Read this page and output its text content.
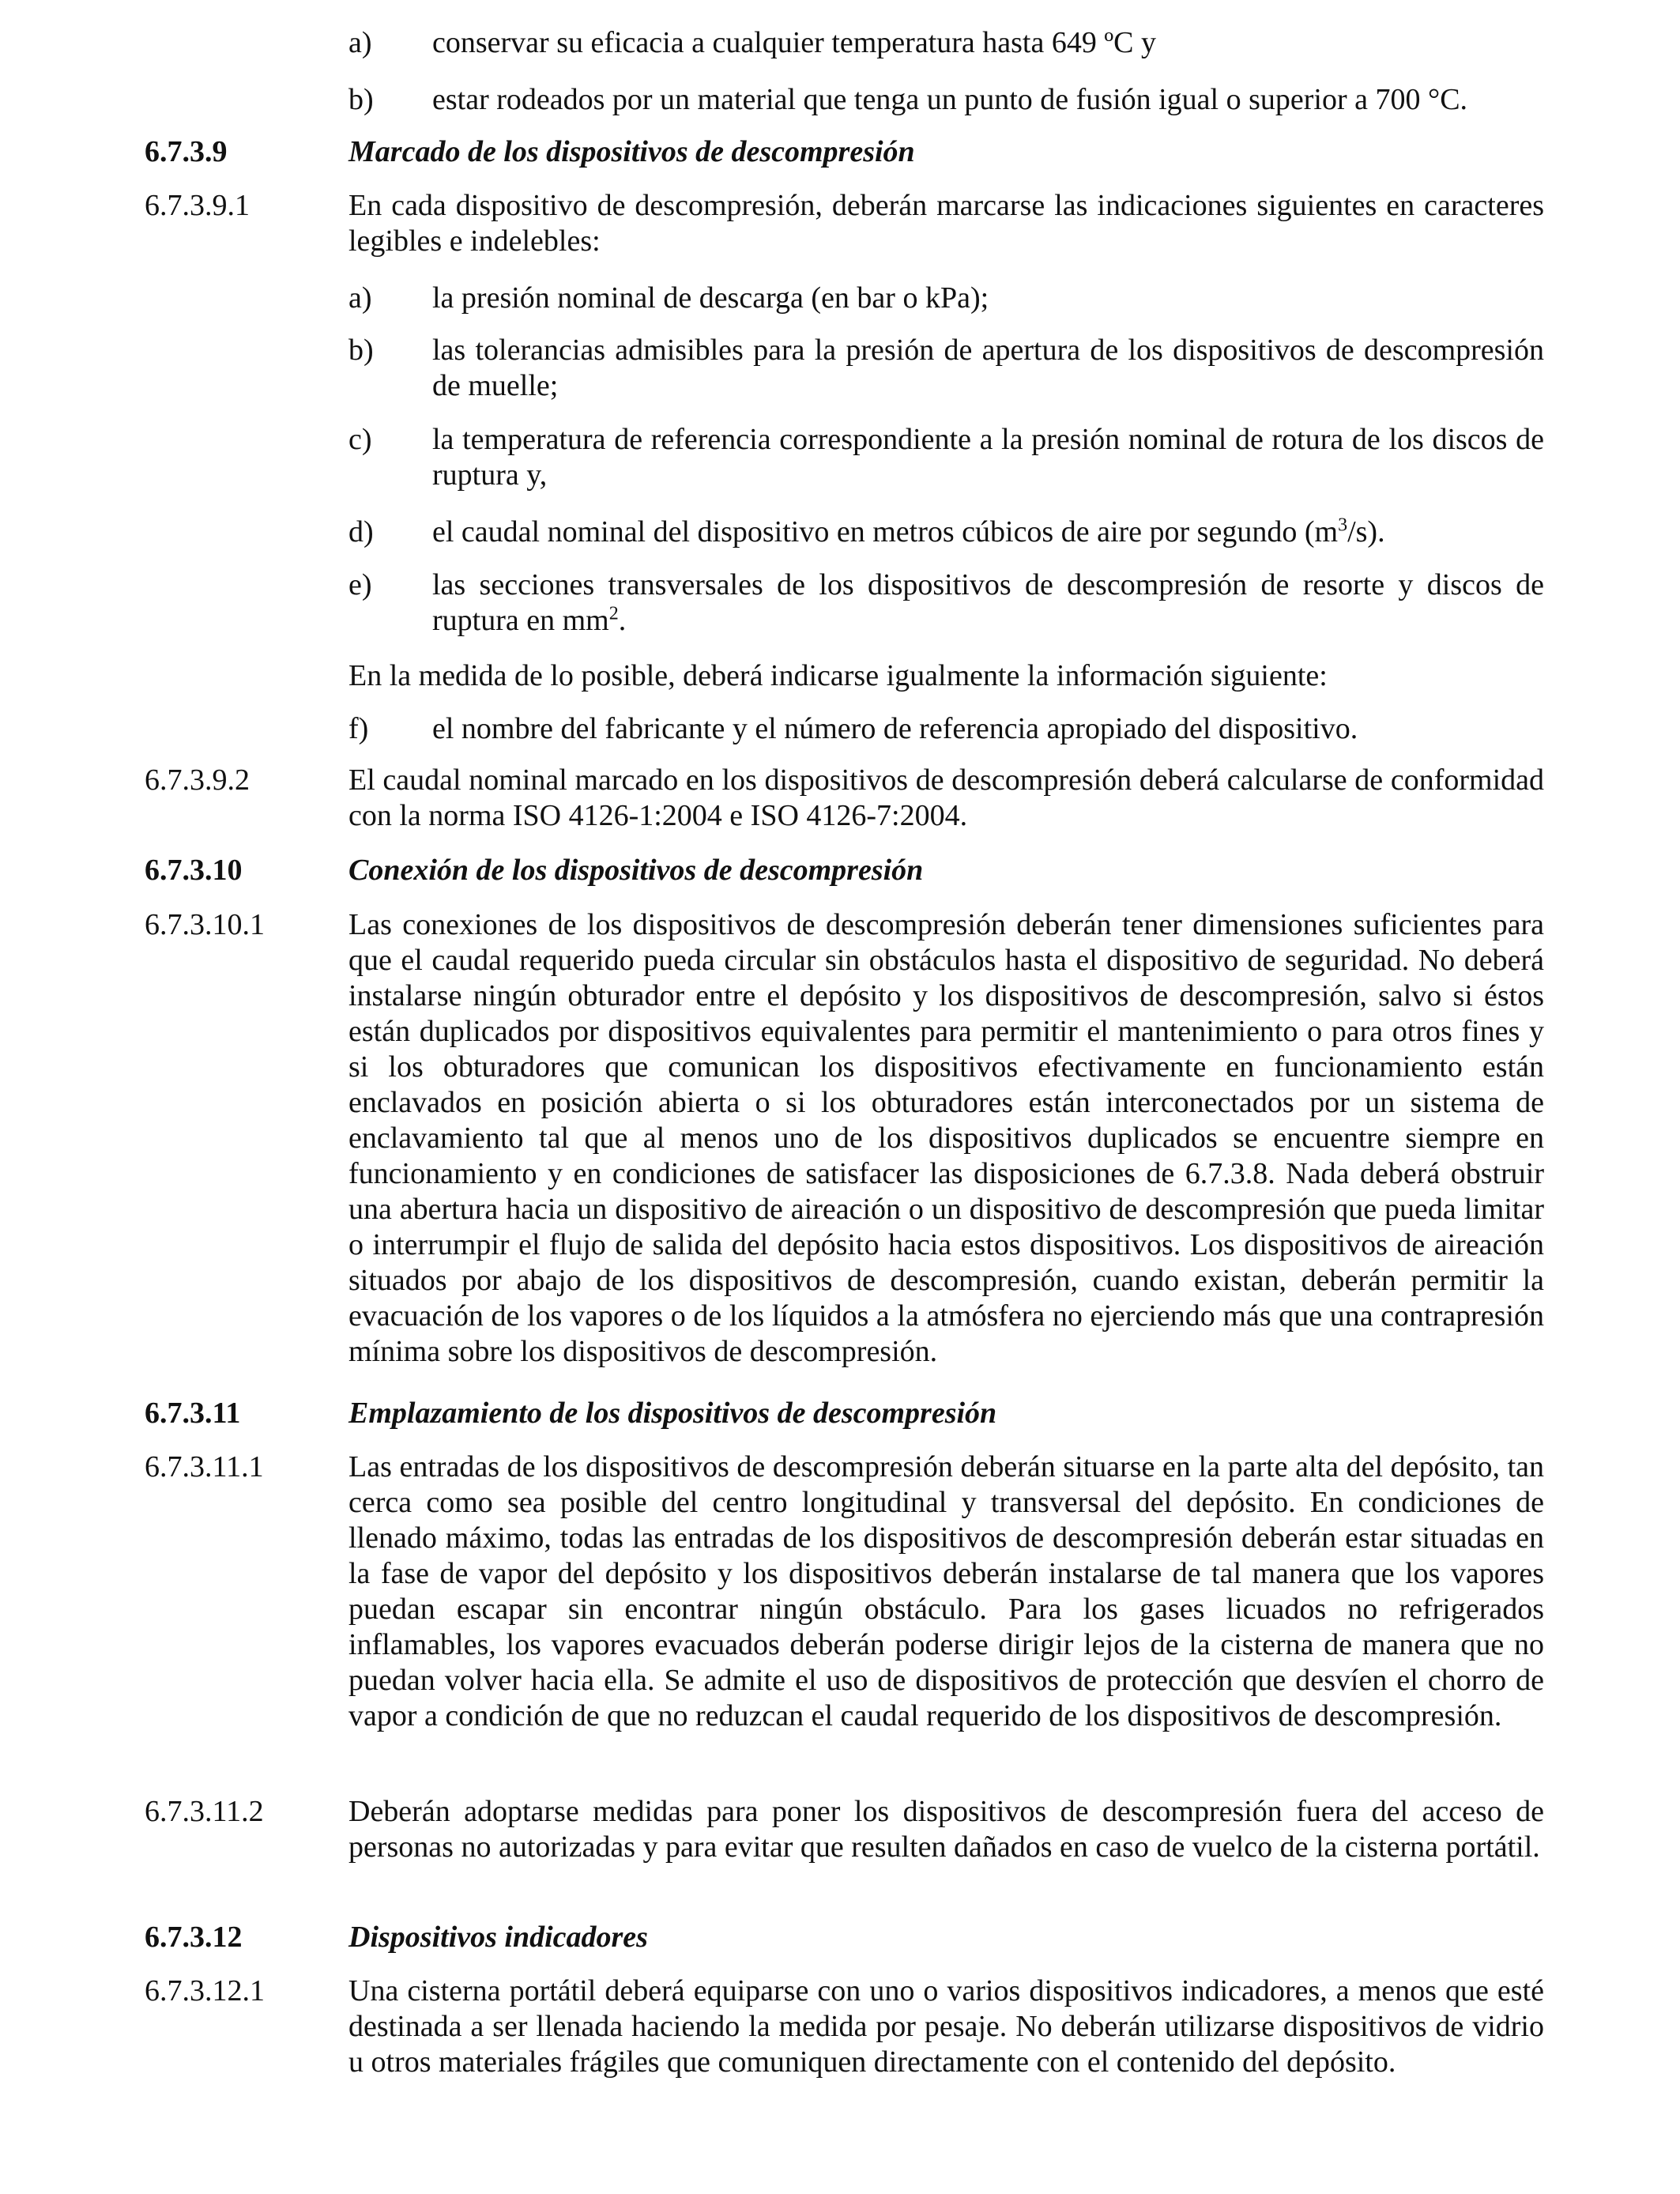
a) conservar su eficacia a cualquier temperatura hasta 649 ºC y
b) estar rodeados por un material que tenga un punto de fusión igual o superior a 700 °C.
6.7.3.9	Marcado de los dispositivos de descompresión
6.7.3.9.1	En cada dispositivo de descompresión, deberán marcarse las indicaciones siguientes en caracteres legibles e indelebles:
a) la presión nominal de descarga (en bar o kPa);
b) las tolerancias admisibles para la presión de apertura de los dispositivos de descompresión de muelle;
c) la temperatura de referencia correspondiente a la presión nominal de rotura de los discos de ruptura y,
d) el caudal nominal del dispositivo en metros cúbicos de aire por segundo $(m^3/s)$.
e) las secciones transversales de los dispositivos de descompresión de resorte y discos de ruptura en $mm^2$.
En la medida de lo posible, deberá indicarse igualmente la información siguiente:
f) el nombre del fabricante y el número de referencia apropiado del dispositivo.
6.7.3.9.2	El caudal nominal marcado en los dispositivos de descompresión deberá calcularse de conformidad con la norma ISO 4126-1:2004 e ISO 4126-7:2004.
6.7.3.10	Conexión de los dispositivos de descompresión
6.7.3.10.1	Las conexiones de los dispositivos de descompresión deberán tener dimensiones suficientes para que el caudal requerido pueda circular sin obstáculos hasta el dispositivo de seguridad. No deberá instalarse ningún obturador entre el depósito y los dispositivos de descompresión, salvo si éstos están duplicados por dispositivos equivalentes para permitir el mantenimiento o para otros fines y si los obturadores que comunican los dispositivos efectivamente en funcionamiento están enclavados en posición abierta o si los obturadores están interconectados por un sistema de enclavamiento tal que al menos uno de los dispositivos duplicados se encuentre siempre en funcionamiento y en condiciones de satisfacer las disposiciones de 6.7.3.8. Nada deberá obstruir una abertura hacia un dispositivo de aireación o un dispositivo de descompresión que pueda limitar o interrumpir el flujo de salida del depósito hacia estos dispositivos. Los dispositivos de aireación situados por abajo de los dispositivos de descompresión, cuando existan, deberán permitir la evacuación de los vapores o de los líquidos a la atmósfera no ejerciendo más que una contrapresión mínima sobre los dispositivos de descompresión.
6.7.3.11	Emplazamiento de los dispositivos de descompresión
6.7.3.11.1	Las entradas de los dispositivos de descompresión deberán situarse en la parte alta del depósito, tan cerca como sea posible del centro longitudinal y transversal del depósito. En condiciones de llenado máximo, todas las entradas de los dispositivos de descompresión deberán estar situadas en la fase de vapor del depósito y los dispositivos deberán instalarse de tal manera que los vapores puedan escapar sin encontrar ningún obstáculo. Para los gases licuados no refrigerados inflamables, los vapores evacuados deberán poderse dirigir lejos de la cisterna de manera que no puedan volver hacia ella. Se admite el uso de dispositivos de protección que desvíen el chorro de vapor a condición de que no reduzcan el caudal requerido de los dispositivos de descompresión.
6.7.3.11.2	Deberán adoptarse medidas para poner los dispositivos de descompresión fuera del acceso de personas no autorizadas y para evitar que resulten dañados en caso de vuelco de la cisterna portátil.
6.7.3.12	Dispositivos indicadores
6.7.3.12.1	Una cisterna portátil deberá equiparse con uno o varios dispositivos indicadores, a menos que esté destinada a ser llenada haciendo la medida por pesaje. No deberán utilizarse dispositivos de vidrio u otros materiales frágiles que comuniquen directamente con el contenido del depósito.
